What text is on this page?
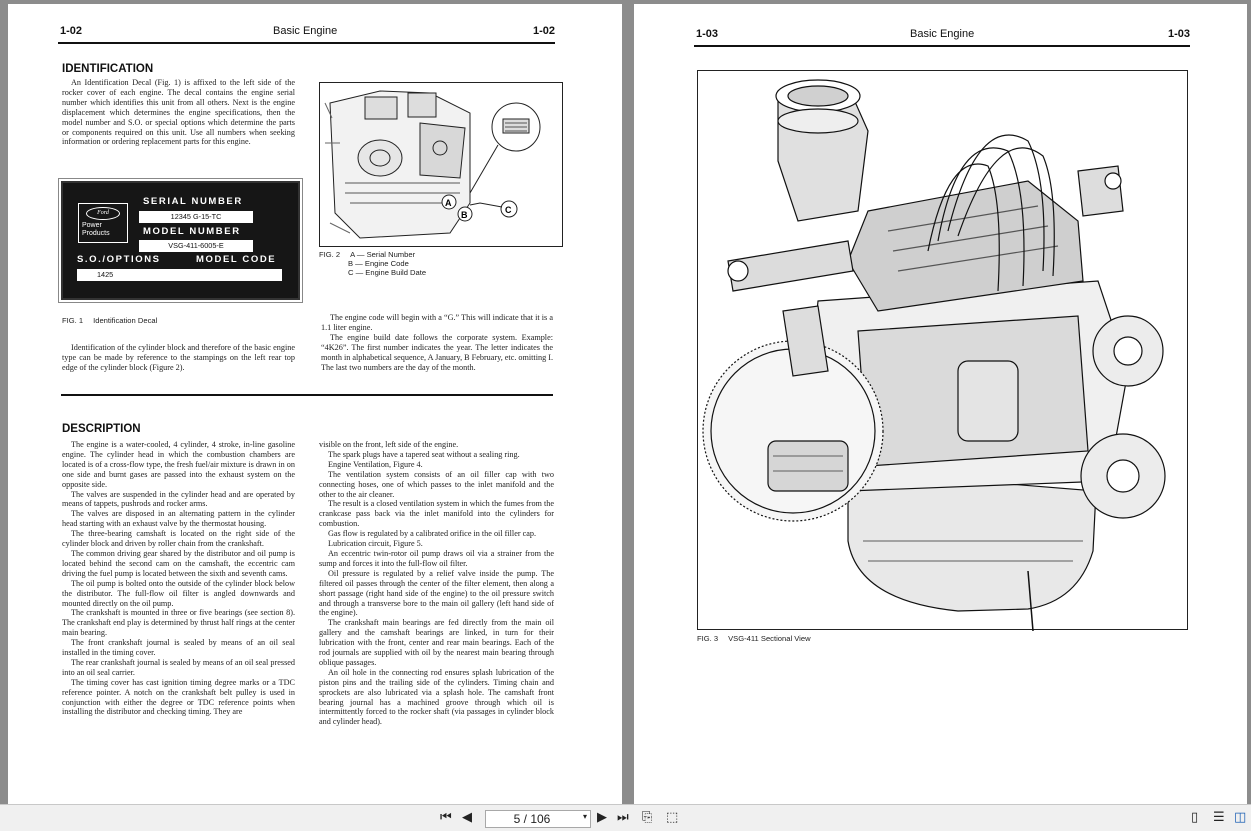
1-02	Basic Engine	1-02
IDENTIFICATION

An Identification Decal (Fig. 1) is affixed to the left side of the rocker cover of each engine. The decal contains the engine serial number which identifies this unit from all others. Next is the engine displacement which determines the engine specifications, then the model number and S.O. or special options which determine the parts or components required on this unit. Use all numbers when seeking information or ordering replacement parts for this engine.

Ford
Power
Products
SERIAL NUMBER
12345 G-15-TC
MODEL NUMBER
VSG-411-6005-E
S.O./OPTIONS	MODEL CODE
1425
FIG. 1 Identification Decal
A
B	C
FIG. 2 A — Serial Number
B — Engine Code
C — Engine Build Date

Identification of the cylinder block and therefore of the basic engine type can be made by reference to the stampings on the left rear top edge of the cylinder block (Figure 2).

The engine code will begin with a “G.” This will indicate that it is a 1.1 liter engine.

The engine build date follows the corporate system. Example: “4K26”. The first number indicates the year. The letter indicates the month in alphabetical sequence, A January, B February, etc. omitting I. The last two numbers are the day of the month.

DESCRIPTION

The engine is a water-cooled, 4 cylinder, 4 stroke, in-line gasoline engine. The cylinder head in which the combustion chambers are located is of a cross-flow type, the fresh fuel/air mixture is drawn in on one side and burnt gases are passed into the exhaust system on the opposite side.

The valves are suspended in the cylinder head and are operated by means of tappets, pushrods and rocker arms.

The valves are disposed in an alternating pattern in the cylinder head starting with an exhaust valve by the thermostat housing.

The three-bearing camshaft is located on the right side of the cylinder block and driven by roller chain from the crankshaft.

The common driving gear shared by the distributor and oil pump is located behind the second cam on the camshaft, the eccentric cam driving the fuel pump is located between the sixth and seventh cams.

The oil pump is bolted onto the outside of the cylinder block below the distributor. The full-flow oil filter is angled downwards and mounted directly on the oil pump.

The crankshaft is mounted in three or five bearings (see section 8). The crankshaft end play is determined by thrust half rings at the center main bearing.

The front crankshaft journal is sealed by means of an oil seal installed in the timing cover.

The rear crankshaft journal is sealed by means of an oil seal pressed into an oil seal carrier.

The timing cover has cast ignition timing degree marks or a TDC reference pointer. A notch on the crankshaft belt pulley is used in conjunction with either the degree or TDC reference points when installing the distributor and checking timing. They are

visible on the front, left side of the engine.

The spark plugs have a tapered seat without a sealing ring.

Engine Ventilation, Figure 4.

The ventilation system consists of an oil filler cap with two connecting hoses, one of which passes to the inlet manifold and the other to the air cleaner.

The result is a closed ventilation system in which the fumes from the crankcase pass back via the inlet manifold into the cylinders for combustion.

Gas flow is regulated by a calibrated orifice in the oil filler cap.

Lubrication circuit, Figure 5.

An eccentric twin-rotor oil pump draws oil via a strainer from the sump and forces it into the full-flow oil filter.

Oil pressure is regulated by a relief valve inside the pump. The filtered oil passes through the center of the filter element, then along a short passage (right hand side of the engine) to the oil pressure switch and through a transverse bore to the main oil gallery (left hand side of the engine).

The crankshaft main bearings are fed directly from the main oil gallery and the camshaft bearings are linked, in turn for their lubrication with the front, center and rear main bearings. Each of the rod journals are supplied with oil by the nearest main bearing through oblique passages.

An oil hole in the connecting rod ensures splash lubrication of the piston pins and the trailing side of the cylinders. Timing chain and sprockets are also lubricated via a splash hole. The camshaft front bearing journal has a machined groove through which oil is intermittently forced to the rocker shaft (via passages in cylinder block and cylinder head).

1-03	Basic Engine	1-03
FIG. 3 VSG-411 Sectional View
⏮ ◀	5 / 106	▾ ▶ ⏭ ⎘ ⬚	▯ ☰ ◫
